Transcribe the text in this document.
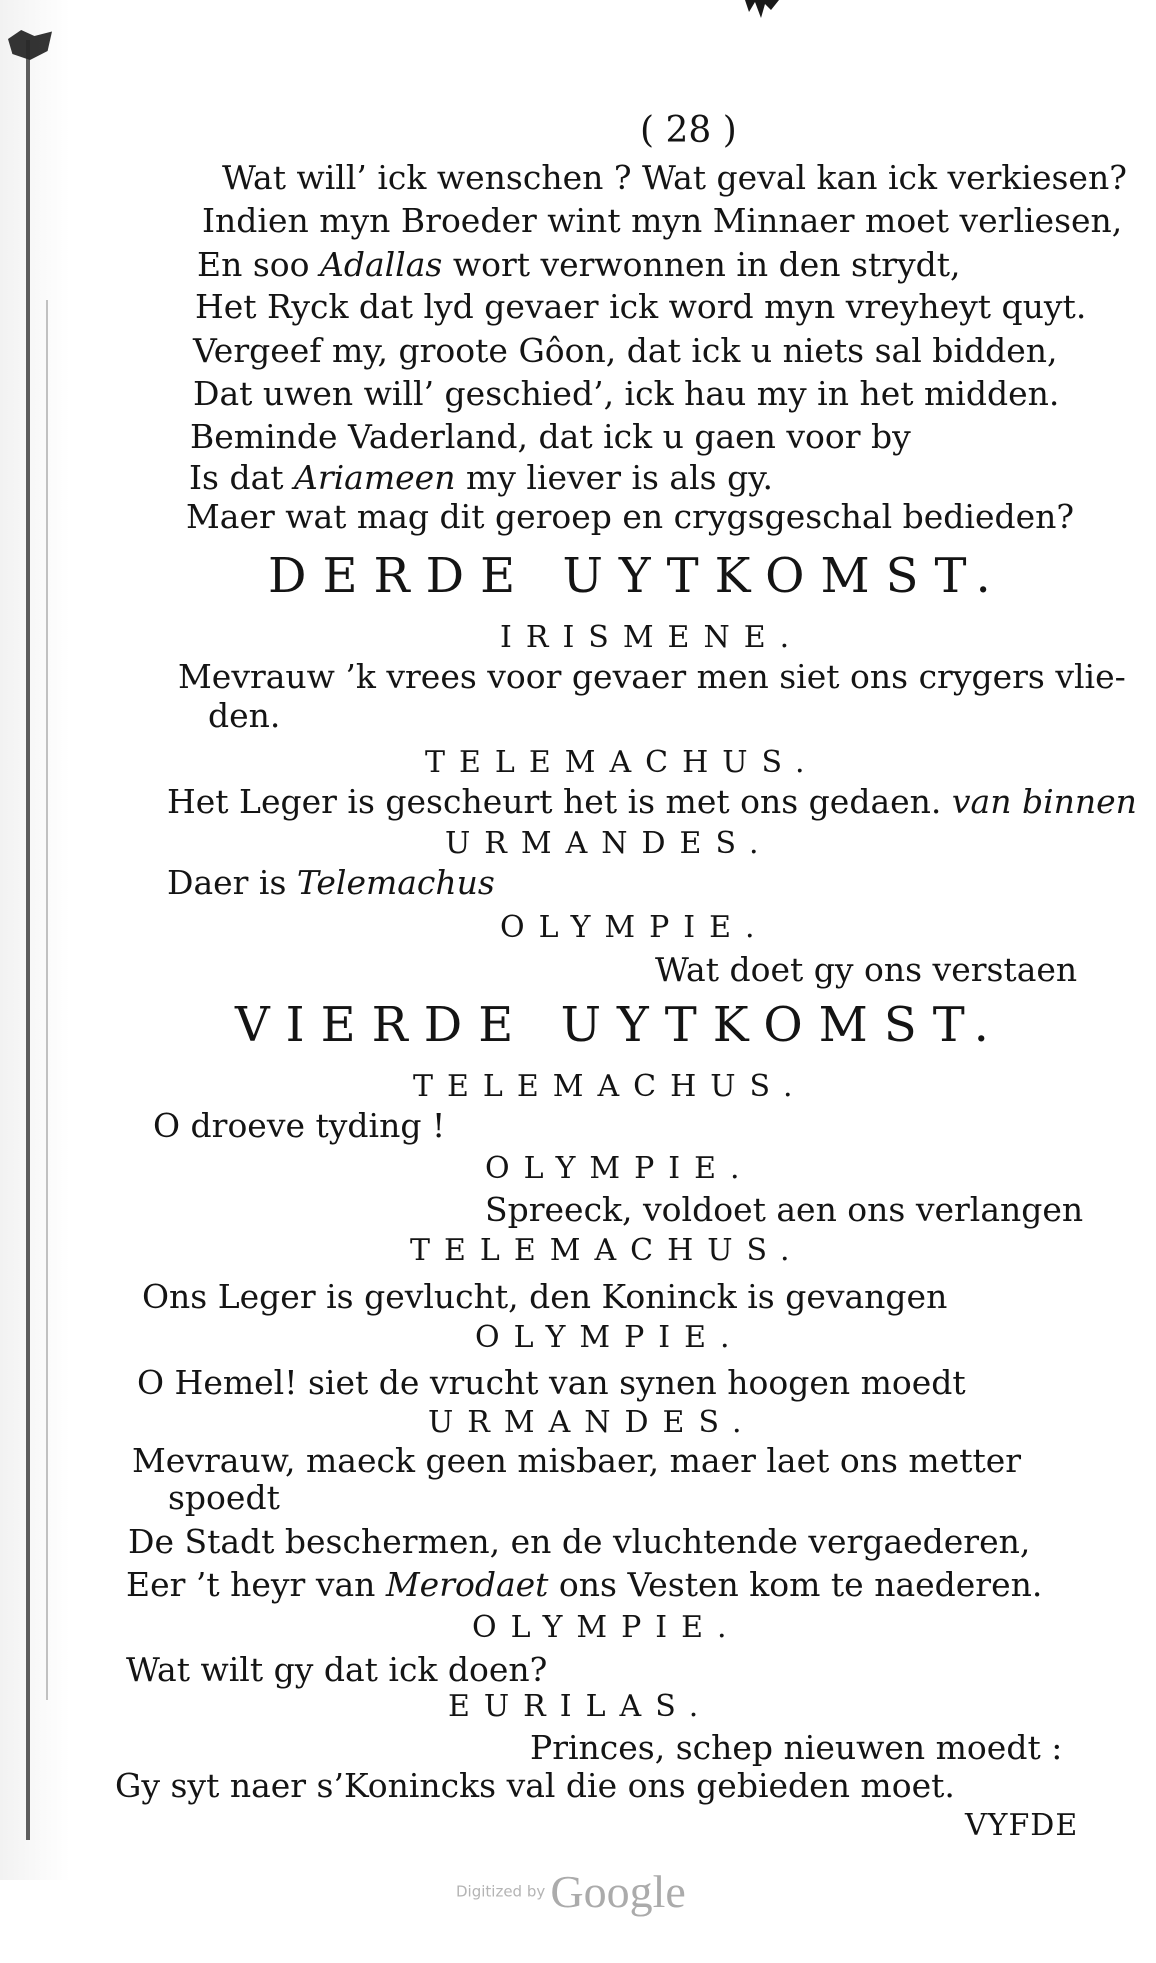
( 28 )
Wat will’ ick wenschen ? Wat geval kan ick verkiesen?
Indien myn Broeder wint myn Minnaer moet verliesen,
En soo Adallas wort verwonnen in den strydt,
Het Ryck dat lyd gevaer ick word myn vreyheyt quyt.
Vergeef my, groote Gôon, dat ick u niets sal bidden,
Dat uwen will’ geschied’, ick hau my in het midden.
Beminde Vaderland, dat ick u gaen voor by
Is dat Ariameen my liever is als gy.
Maer wat mag dit geroep en crygsgeschal bedieden?
DERDE UYTKOMST.
IRISMENE.
Mevrauw ’k vrees voor gevaer men siet ons crygers vlie-
den.
TELEMACHUS.
Het Leger is gescheurt het is met ons gedaen. van binnen
URMANDES.
Daer is Telemachus
OLYMPIE.
Wat doet gy ons verstaen
VIERDE UYTKOMST.
TELEMACHUS.
O droeve tyding !
OLYMPIE.
Spreeck, voldoet aen ons verlangen
TELEMACHUS.
Ons Leger is gevlucht, den Koninck is gevangen
OLYMPIE.
O Hemel! siet de vrucht van synen hoogen moedt
URMANDES.
Mevrauw, maeck geen misbaer, maer laet ons metter
spoedt
De Stadt beschermen, en de vluchtende vergaederen,
Eer ’t heyr van Merodaet ons Vesten kom te naederen.
OLYMPIE.
Wat wilt gy dat ick doen?
EURILAS.
Princes, schep nieuwen moedt :
Gy syt naer s’Konincks val die ons gebieden moet.
VYFDE
Digitized by Google
